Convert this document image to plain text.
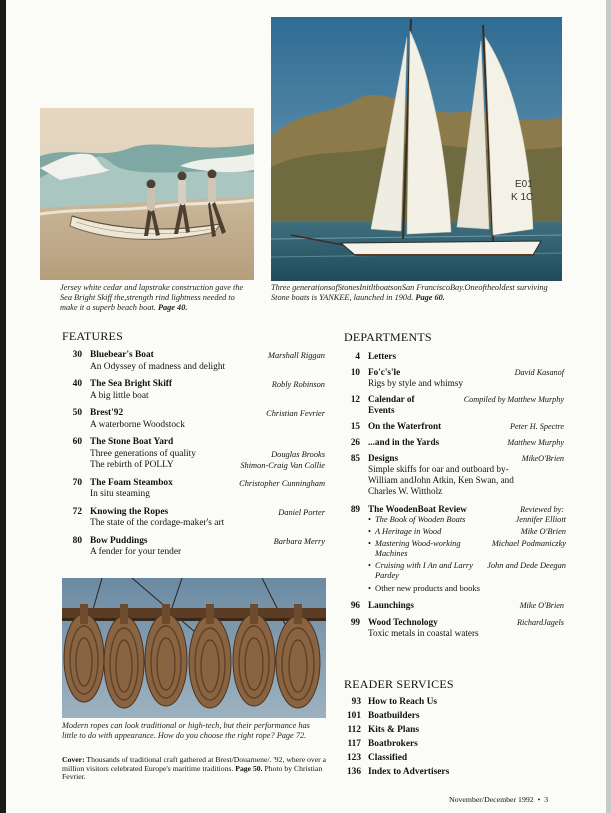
Jersey white cedar and lapstrake construction gave the Sea Bright Skiff the,strength rind lightness needed to make it a superb beach boat. Page 40.

E01
K 1C

Three generationsofStonesInitltboatsonSan FranciscoBay.Oneoftheoldest surviving Stone boats is YANKEE, launched in 190d. Page 60.

FEATURES
30 Bluebear's Boat	Marshall Riggan
An Odyssey of madness and delight
40 The Sea Bright Skiff	Robly Robinson
A big little boat
50 Brest'92	Christian Fevrier
A waterborne Woodstock
60 The Stone Boat Yard
Three generations of quality	Douglas Brooks
The rebirth of POLLY	Shimon-Craig Van Collie
70 The Foam Steambox	Christopher Cunningham
In situ steaming
72 Knowing the Ropes	Daniel Porter
The state of the cordage-maker's art
80 Bow Puddings	Barbara Merry
A fender for your tender

Modern ropes can look traditional or high-tech, but their performance has little to do with appearance. How do you choose the right rope? Page 72.

Cover: Thousands of traditional craft gathered at Brest/Douarnene/. '92, where over a million visitors celebrated Europe's maritime traditions. Page 50. Photo by Christian Fevrier.

DEPARTMENTS
4 Letters
10 Fo'c's'le	David Kasanof
Rigs by style and whimsy
12 Calendar of Events
Compiled by Matthew Murphy
15 On the Waterfront	Peter H. Spectre
26 ...and in the Yards	Matthew Murphy
85 Designs	MikeO'Brien
Simple skiffs for oar and outboard by-
William andJohn Atkin, Ken Swan, and
Charles W. Wittholz
89 The WoodenBoat Review	Reviewed by:
• The Book of Wooden Boats	Jennifer Elliott
• A Heritage in Wood	Mike O'Brien
• Mastering Wood-working Machines
Michael Podmaniczky
• Cruising with I An and Larry Pardey
John and Dede Deegan
• Other new products and books
96 Launchings	Mike O'Brien
99 Wood Technology	RichardJagels
Toxic metals in coastal waters
READER SERVICES
93 How to Reach Us
101 Boatbuilders
112 Kits & Plans
117 Boatbrokers
123 Classified
136 Index to Advertisers
November/December 1992 • 3
